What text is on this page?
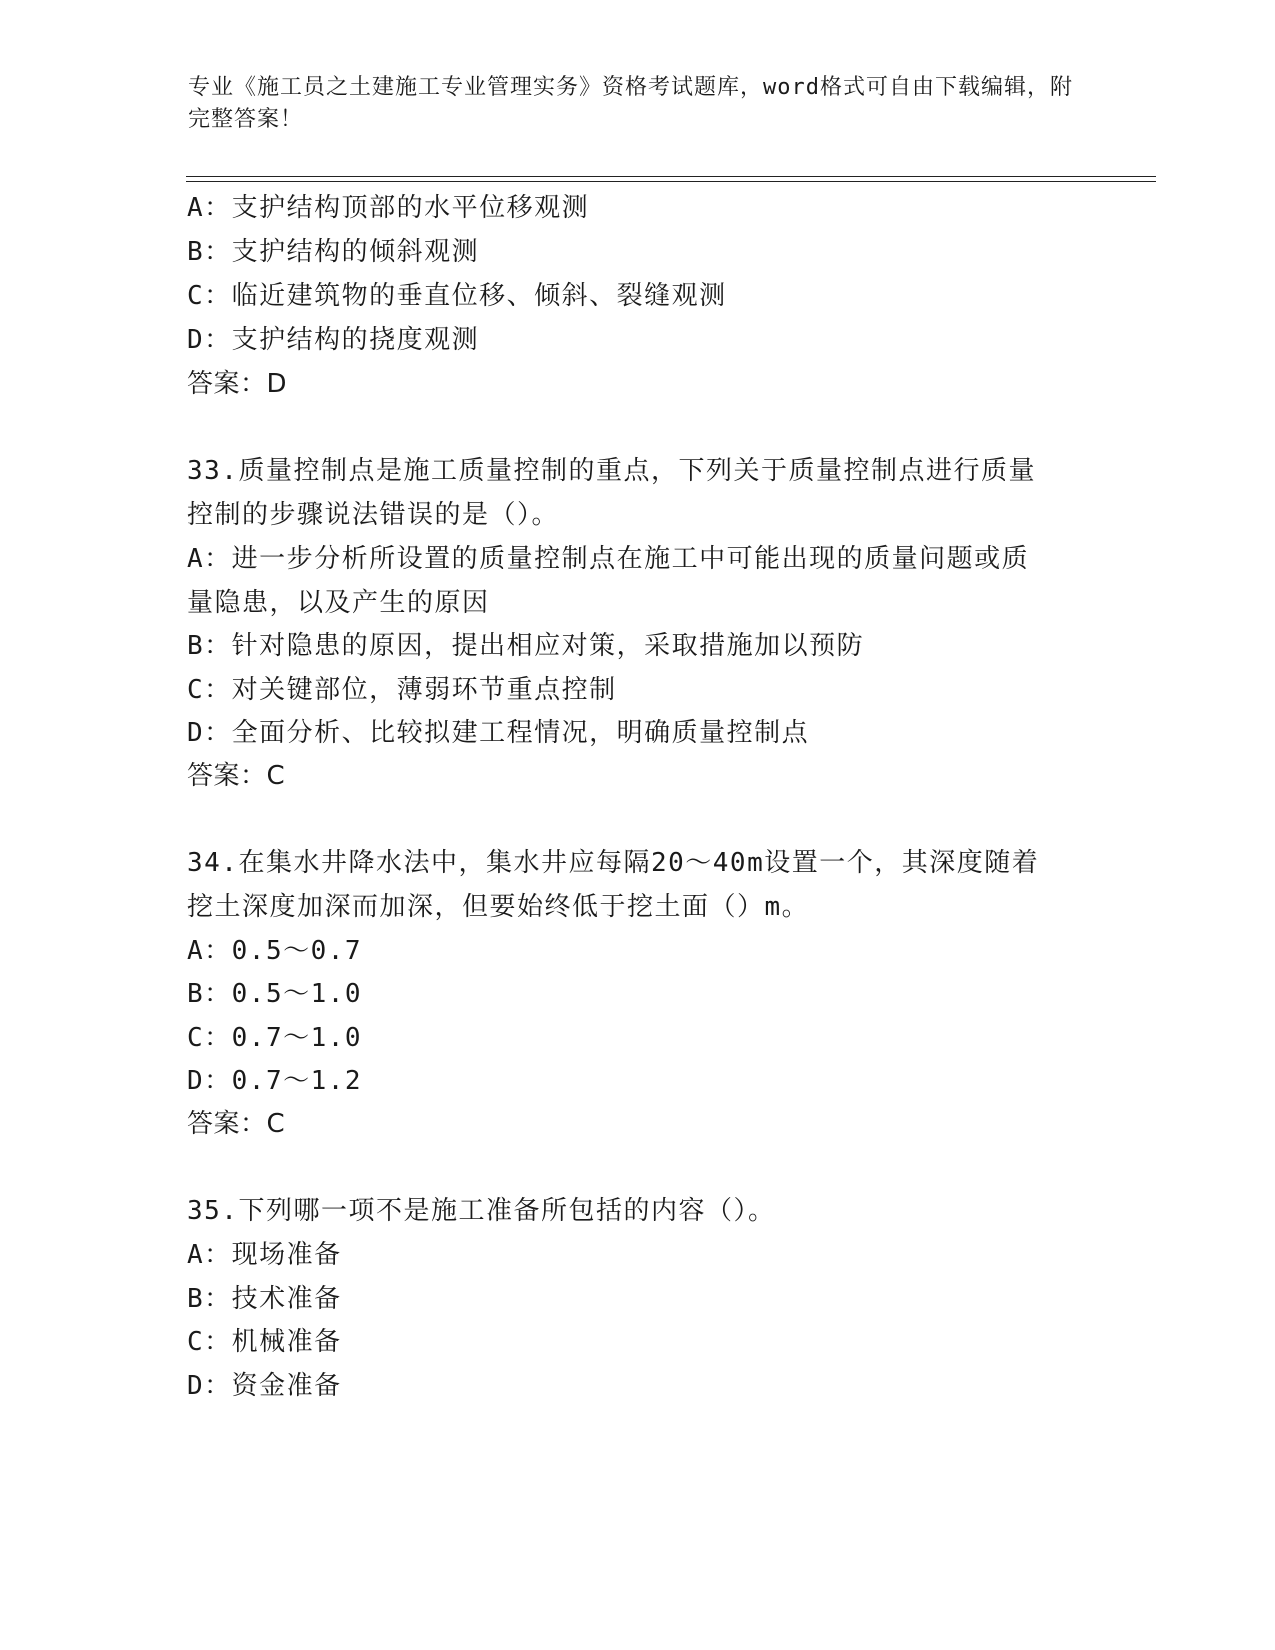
专业《施工员之土建施工专业管理实务》资格考试题库，word格式可自由下载编辑，附完整答案！
A：支护结构顶部的水平位移观测
B：支护结构的倾斜观测
C：临近建筑物的垂直位移、倾斜、裂缝观测
D：支护结构的挠度观测
答案：D
33.质量控制点是施工质量控制的重点，下列关于质量控制点进行质量
控制的步骤说法错误的是（）。
A：进一步分析所设置的质量控制点在施工中可能出现的质量问题或质
量隐患，以及产生的原因
B：针对隐患的原因，提出相应对策，采取措施加以预防
C：对关键部位，薄弱环节重点控制
D：全面分析、比较拟建工程情况，明确质量控制点
答案：C
34.在集水井降水法中，集水井应每隔20～40m设置一个，其深度随着
挖土深度加深而加深，但要始终低于挖土面（）m。
A：0.5～0.7
B：0.5～1.0
C：0.7～1.0
D：0.7～1.2
答案：C
35.下列哪一项不是施工准备所包括的内容（）。
A：现场准备
B：技术准备
C：机械准备
D：资金准备
